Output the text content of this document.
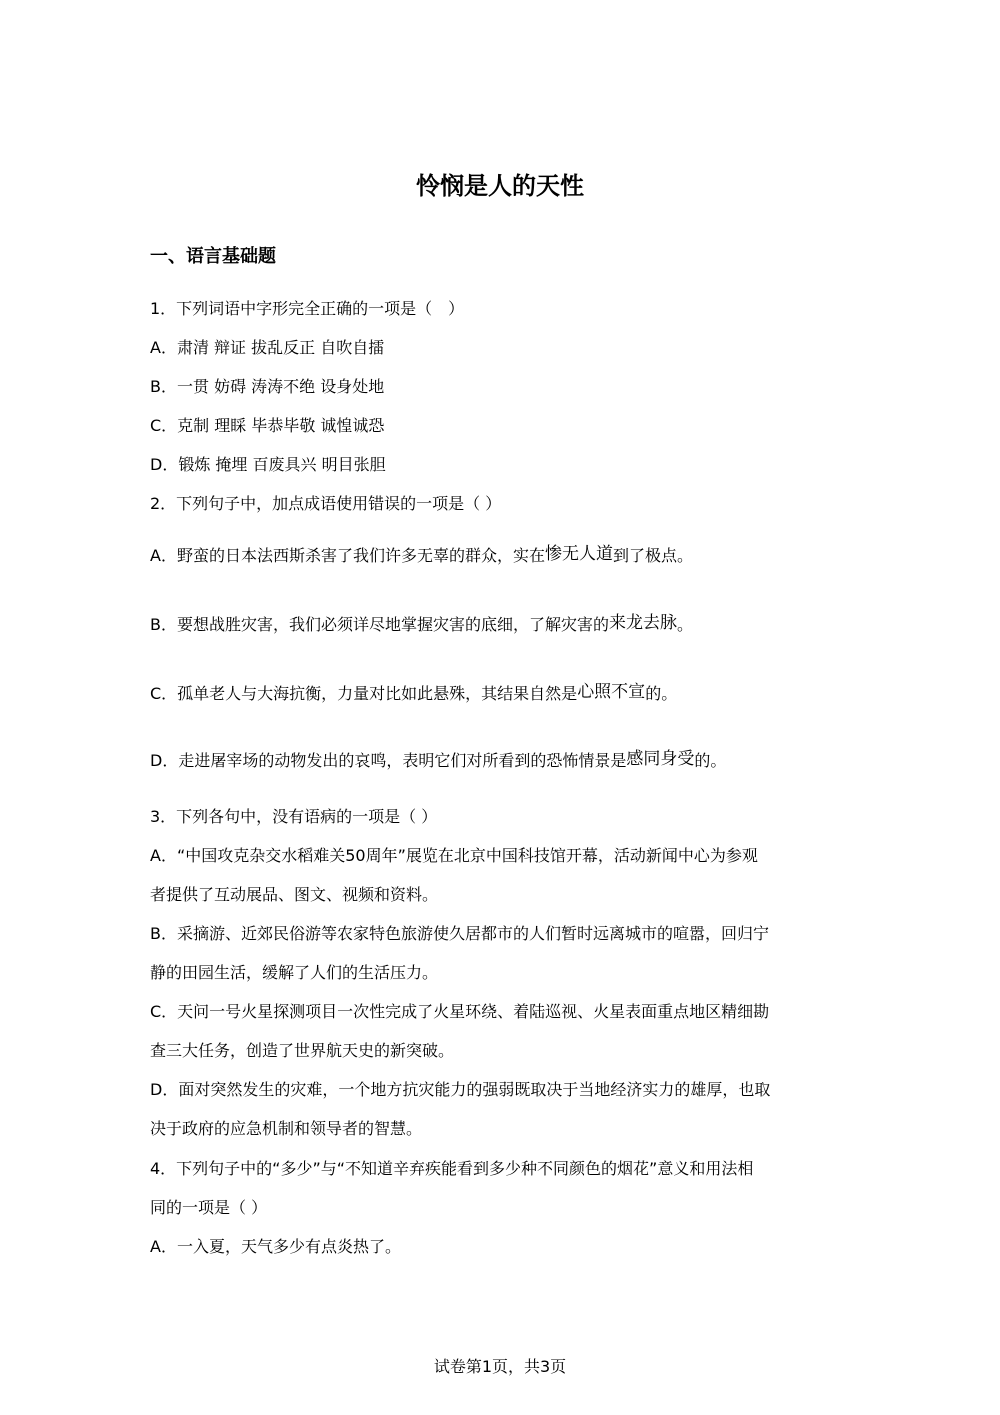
怜悯是人的天性
一、语言基础题
1．下列词语中字形完全正确的一项是（　）
A．肃清 辩证 拔乱反正 自吹自擂
B．一贯 妨碍 涛涛不绝 设身处地
C．克制 理睬 毕恭毕敬 诚惶诚恐
D．锻炼 掩埋 百废具兴 明目张胆
2．下列句子中，加点成语使用错误的一项是（ ）
A．野蛮的日本法西斯杀害了我们许多无辜的群众，实在惨无人道到了极点。
B．要想战胜灾害，我们必须详尽地掌握灾害的底细，了解灾害的来龙去脉。
C．孤单老人与大海抗衡，力量对比如此悬殊，其结果自然是心照不宣的。
D．走进屠宰场的动物发出的哀鸣，表明它们对所看到的恐怖情景是感同身受的。
3．下列各句中，没有语病的一项是（ ）
A．“中国攻克杂交水稻难关50周年”展览在北京中国科技馆开幕，活动新闻中心为参观
者提供了互动展品、图文、视频和资料。
B．采摘游、近郊民俗游等农家特色旅游使久居都市的人们暂时远离城市的喧嚣，回归宁
静的田园生活，缓解了人们的生活压力。
C．天问一号火星探测项目一次性完成了火星环绕、着陆巡视、火星表面重点地区精细勘
查三大任务，创造了世界航天史的新突破。
D．面对突然发生的灾难，一个地方抗灾能力的强弱既取决于当地经济实力的雄厚，也取
决于政府的应急机制和领导者的智慧。
4．下列句子中的“多少”与“不知道辛弃疾能看到多少种不同颜色的烟花”意义和用法相
同的一项是（ ）
A．一入夏，天气多少有点炎热了。
试卷第1页，共3页
